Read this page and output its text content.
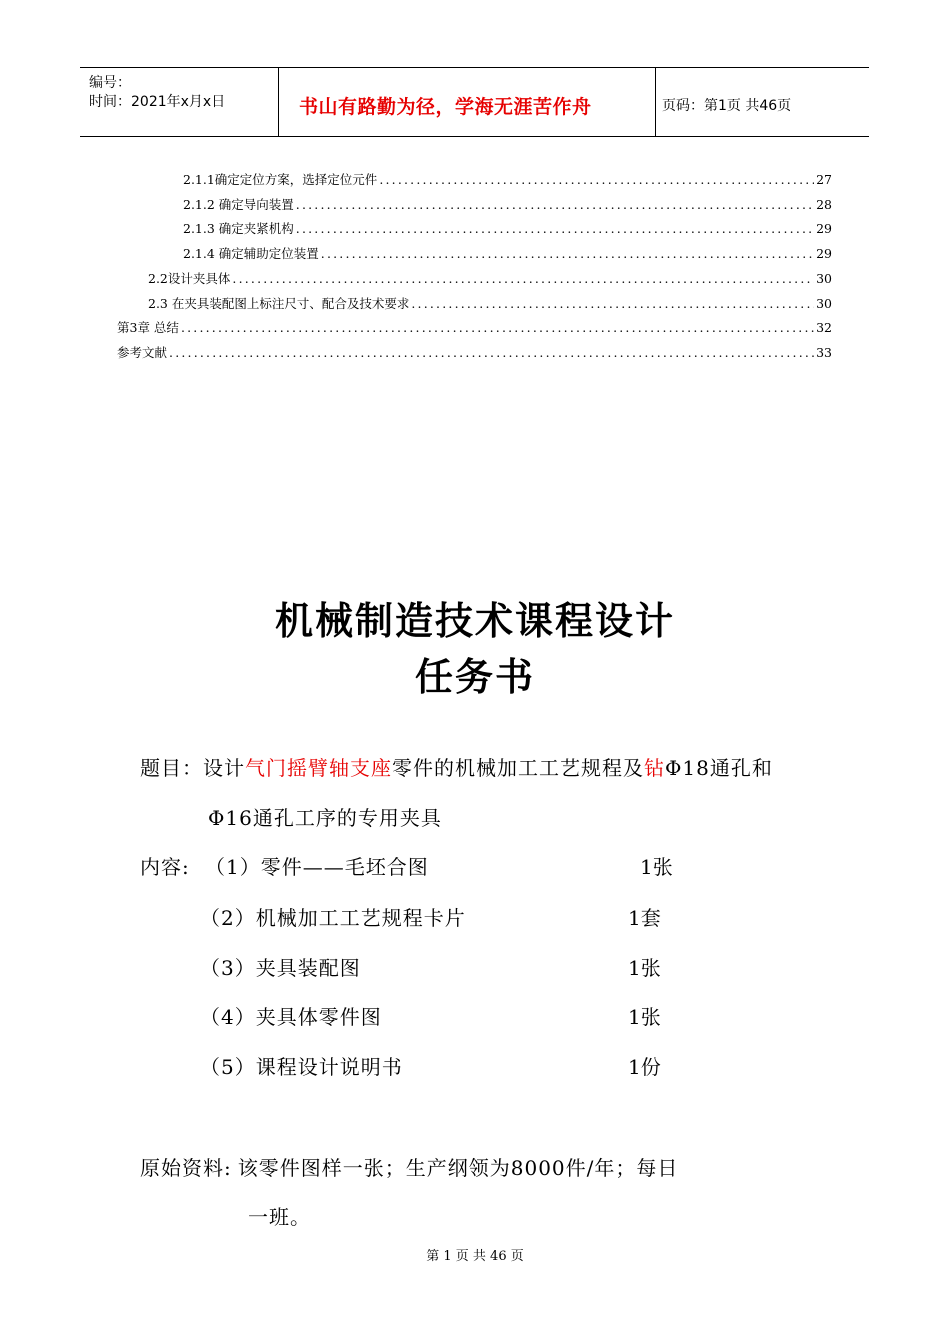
编号：
时间：2021年x月x日	书山有路勤为径，学海无涯苦作舟	页码：第1页 共46页
2.1.1确定定位方案，选择定位元件 .....	27
2.1.2 确定导向装置 .....	28
2.1.3 确定夹紧机构 .....	29
2.1.4 确定辅助定位装置 .....	29
2.2设计夹具体 .....	30
2.3 在夹具装配图上标注尺寸、配合及技术要求 .....	30
第3章 总结 .....	32
参考文献 .....	33
机械制造技术课程设计
任务书
题目：设计气门摇臂轴支座零件的机械加工工艺规程及钻Φ18通孔和
Φ16通孔工序的专用夹具
内容: （1）零件——毛坯合图	1张
（2）机械加工工艺规程卡片	1套
（3）夹具装配图	1张
（4）夹具体零件图	1张
（5）课程设计说明书	1份
原始资料: 该零件图样一张；生产纲领为8000件/年；每日
一班。
第 1 页 共 46 页
